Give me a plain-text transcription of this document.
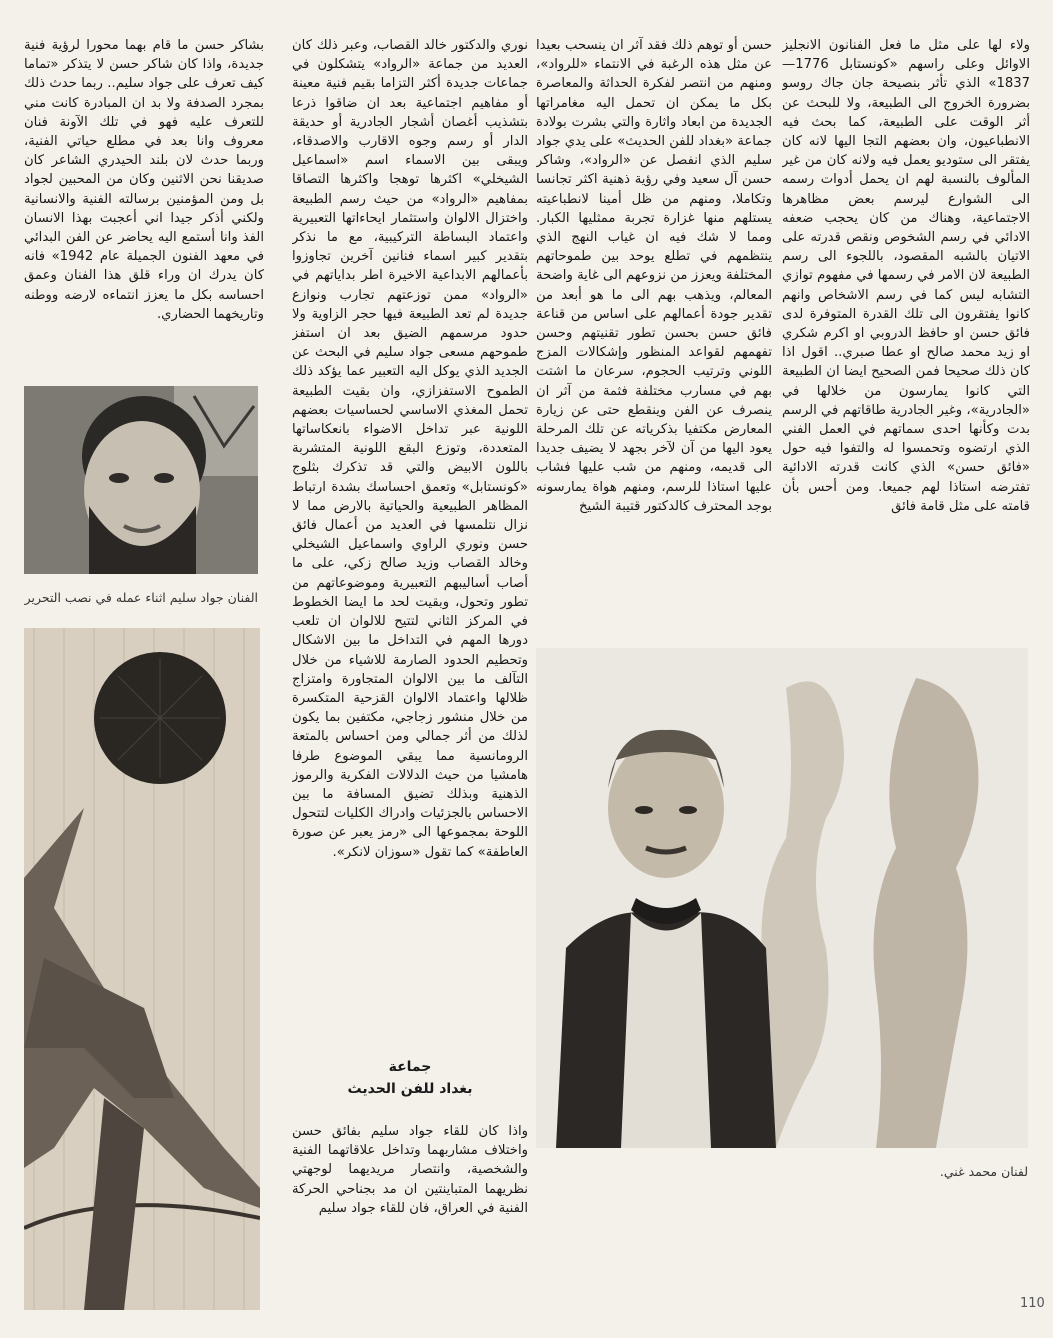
ولاء لها على مثل ما فعل الفنانون الانجليز الاوائل وعلى راسهم «كونستابل 1776—1837» الذي تأثر بنصيحة جان جاك روسو بضرورة الخروج الى الطبيعة، ولا للبحث عن أثر الوقت على الطبيعة، كما بحث فيه الانطباعيون، وان بعضهم التجا اليها لانه كان يفتقر الى ستوديو يعمل فيه ولانه كان من غير المألوف بالنسبة لهم ان يحمل أدوات رسمه الى الشوارع ليرسم بعض مظاهرها الاجتماعية، وهناك من كان يحجب ضعفه الادائي في رسم الشخوص ونقص قدرته على الاتيان بالشبه المقصود، باللجوء الى رسم الطبيعة لان الامر في رسمها في مفهوم توازي التشابه ليس كما في رسم الاشخاص وانهم كانوا يفتقرون الى تلك القدرة المتوفرة لدى فائق حسن او حافظ الدروبي او اكرم شكري او زيد محمد صالح او عطا صبري.. اقول اذا كان ذلك صحيحا فمن الصحيح ايضا ان الطبيعة التي كانوا يمارسون من خلالها في «الجادرية»، وغير الجادرية طاقاتهم في الرسم بدت وكأنها احدى سماتهم في العمل الفني الذي ارتضوه وتحمسوا له والتفوا فيه حول «فائق حسن» الذي كانت قدرته الادائية تفترضه استاذا لهم جميعا. ومن أحس بأن قامته على مثل قامة فائق

حسن أو توهم ذلك فقد آثر ان ينسحب بعيدا عن مثل هذه الرغبة في الانتماء «للرواد»، ومنهم من انتصر لفكرة الحداثة والمعاصرة بكل ما يمكن ان تحمل اليه مغامراتها الجديدة من ابعاد واثارة والتي بشرت بولادة جماعة «بغداد للفن الحديث» على يدي جواد سليم الذي انفصل عن «الرواد»، وشاكر حسن آل سعيد وفي رؤية ذهنية اكثر تجانسا وتكاملا، ومنهم من ظل أمينا لانطباعيته يستلهم منها غزارة تجربة ممثليها الكبار. ومما لا شك فيه ان غياب النهج الذي ينتظمهم في تطلع يوحد بين طموحاتهم المختلفة ويعزز من نزوعهم الى غاية واضحة المعالم، ويذهب بهم الى ما هو أبعد من تقدير جودة أعمالهم على اساس من قناعة فائق حسن بحسن تطور تقنيتهم وحسن تفهمهم لقواعد المنظور وإشكالات المزج اللوني وترتيب الحجوم، سرعان ما اشتت بهم في مسارب مختلفة فثمة من آثر ان ينصرف عن الفن وينقطع حتى عن زيارة المعارض مكتفيا بذكرياته عن تلك المرحلة يعود اليها من آن لآخر بجهد لا يضيف جديدا الى قديمه، ومنهم من شب عليها فشاب عليها استاذا للرسم، ومنهم هواة يمارسونه بوجد المحترف كالدكتور قتيبة الشيخ

نوري والدكتور خالد القصاب، وعبر ذلك كان العديد من جماعة «الرواد» يتشكلون في جماعات جديدة أكثر التزاما بقيم فنية معينة أو مفاهيم اجتماعية بعد ان ضاقوا ذرعا بتشذيب أغصان أشجار الجادرية أو حديقة الدار أو رسم وجوه الاقارب والاصدقاء، ويبقى بين الاسماء اسم «اسماعيل الشيخلي» اكثرها توهجا واكثرها التصاقا بمفاهيم «الرواد» من حيث رسم الطبيعة واختزال الالوان واستثمار ايحاءاتها التعبيرية واعتماد البساطة التركيبية، مع ما نذكر بتقدير كبير اسماء فنانين آخرين تجاوزوا بأعمالهم الابداعية الاخيرة اطر بداياتهم في «الرواد» ممن توزعتهم تجارب ونوازع جديدة لم تعد الطبيعة فيها حجر الزاوية ولا حدود مرسمهم الضيق بعد ان استفز طموحهم مسعى جواد سليم في البحث عن الجديد الذي يوكل اليه التعبير عما يؤكد ذلك الطموح الاستفزازي، وان بقيت الطبيعة تحمل المغذي الاساسي لحساسيات بعضهم اللونية عبر تداخل الاضواء بانعكاساتها المتعددة، وتوزع البقع اللونية المتشربة باللون الابيض والتي قد تذكرك بثلوج «كونستابل» وتعمق احساسك بشدة ارتباط المظاهر الطبيعية والحياتية بالارض مما لا نزال نتلمسها في العديد من أعمال فائق حسن ونوري الراوي واسماعيل الشيخلي وخالد القصاب وزيد صالح زكي، على ما أصاب أساليبهم التعبيرية وموضوعاتهم من تطور وتحول، وبقيت لحد ما ايضا الخطوط في المركز الثاني لتتيح للالوان ان تلعب دورها المهم في التداخل ما بين الاشكال وتحطيم الحدود الصارمة للاشياء من خلال التآلف ما بين الالوان المتجاورة وامتزاج ظلالها واعتماد الالوان القزحية المتكسرة من خلال منشور زجاجي، مكتفين بما يكون لذلك من أثر جمالي ومن احساس بالمتعة الرومانسية مما يبقي الموضوع طرفا هامشيا من حيث الدلالات الفكرية والرموز الذهنية وبذلك تضيق المسافة ما بين الاحساس بالجزئيات وادراك الكليات لتتحول اللوحة بمجموعها الى «رمز يعبر عن صورة العاطفة» كما تقول «سوزان لانكر».

جماعة
بغداد للفن الحديث

واذا كان للقاء جواد سليم بفائق حسن واختلاف مشاربهما وتداخل علاقاتهما الفنية والشخصية، وانتصار مريديهما لوجهتي نظريهما المتباينتين ان مد بجناحي الحركة الفنية في العراق، فان للقاء جواد سليم

بشاكر حسن ما قام بهما محورا لرؤية فنية جديدة، واذا كان شاكر حسن لا يتذكر «تماما كيف تعرف على جواد سليم.. ربما حدث ذلك بمجرد الصدفة ولا بد ان المبادرة كانت مني للتعرف عليه فهو في تلك الآونة فنان معروف وانا بعد في مطلع حياتي الفنية، وربما حدث لان بلند الحيدري الشاعر كان صديقنا نحن الاثنين وكان من المحبين لجواد بل ومن المؤمنين برسالته الفنية والانسانية ولكني أذكر جيدا اني أعجبت بهذا الانسان الفذ وانا أستمع اليه يحاضر عن الفن البدائي في معهد الفنون الجميلة عام 1942» فانه كان يدرك ان وراء قلق هذا الفنان وعمق احساسه بكل ما يعزز انتماءه لارضه ووطنه وتاريخهما الحضاري.

الفنان جواد سليم اثناء عمله في نصب التحرير
لفنان محمد غني.
110
